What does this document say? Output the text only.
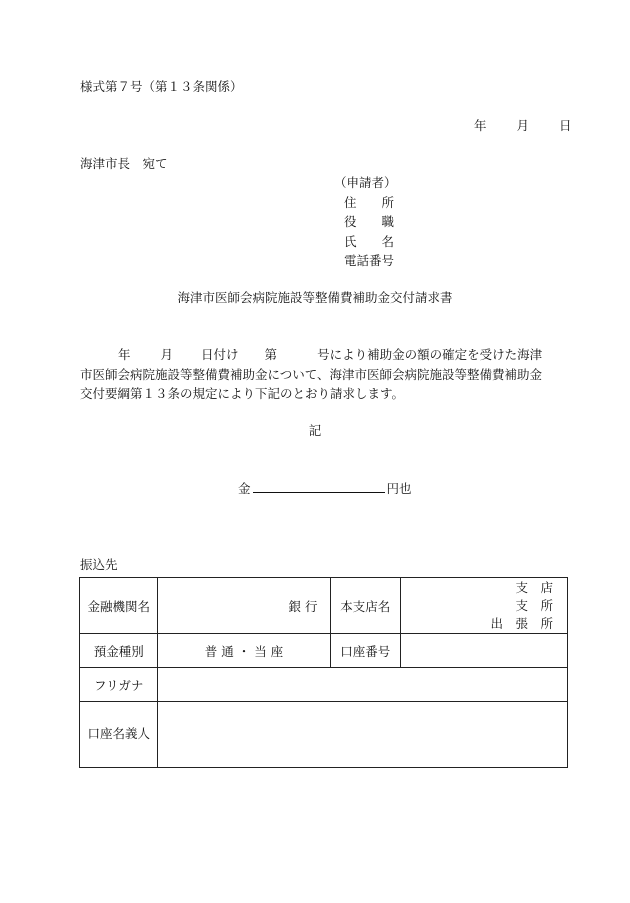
様式第７号（第１３条関係）
年 月 日
海津市長　宛て
（申請者）
住　　所
役　　職
氏　　名
電話番号
海津市医師会病院施設等整備費補助金交付請求書
年 月 日付け 第	号により補助金の額の確定を受けた海津
市医師会病院施設等整備費補助金について、海津市医師会病院施設等整備費補助金
交付要綱第１３条の規定により下記のとおり請求します。
記
金	円也
振込先
金融機関名	銀 行	本支店名	支　店
支　所
出　張　所

預金種別	普 通 ・ 当 座	口座番号	
フリガナ			
口座名義人			
